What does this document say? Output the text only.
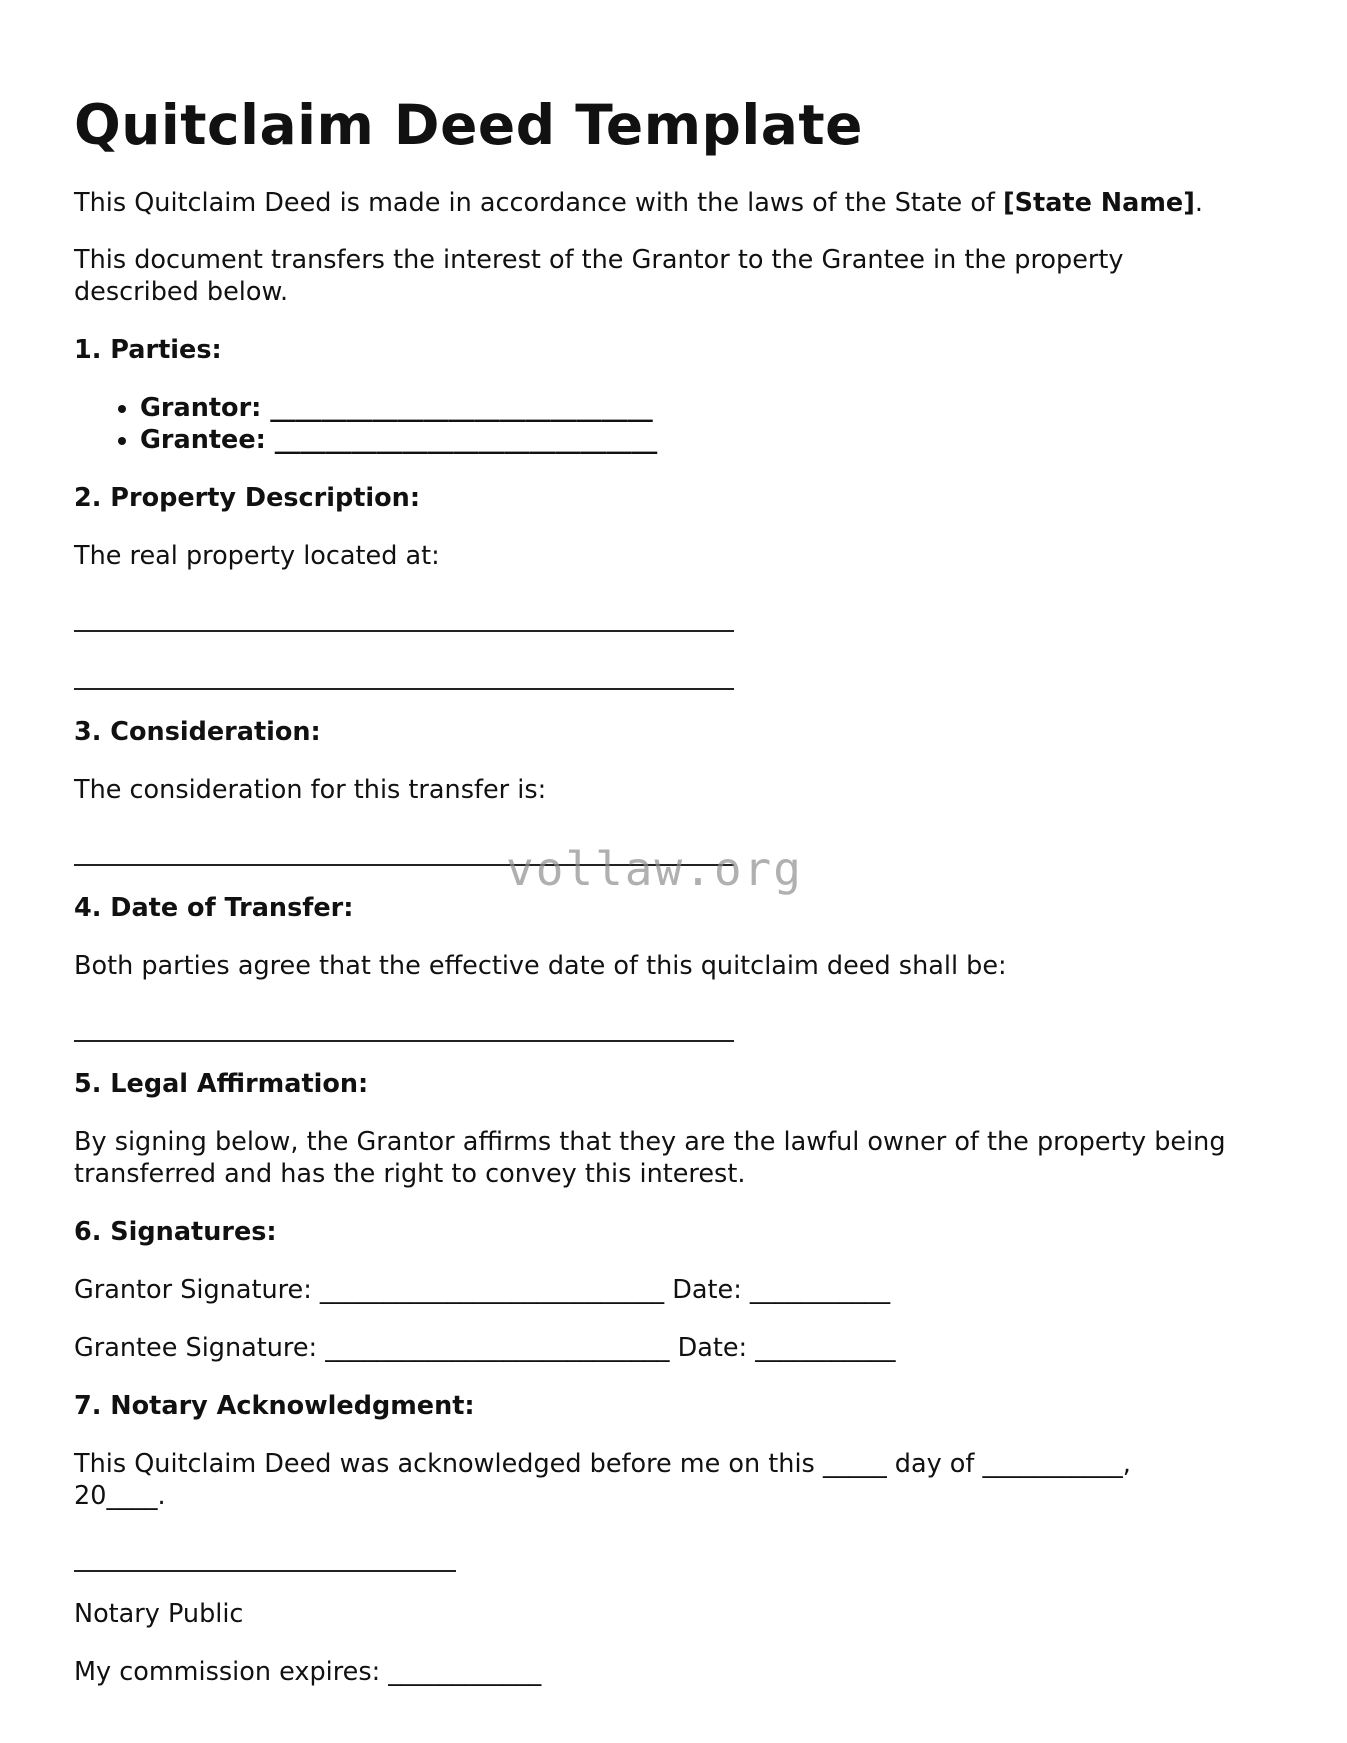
Quitclaim Deed Template

This Quitclaim Deed is made in accordance with the laws of the State of [State Name].

This document transfers the interest of the Grantor to the Grantee in the property described below.

1. Parties:
• Grantor: ______________________________
• Grantee: ______________________________
2. Property Description:

The real property located at:

3. Consideration:

The consideration for this transfer is:

4. Date of Transfer:

Both parties agree that the effective date of this quitclaim deed shall be:

5. Legal Affirmation:

By signing below, the Grantor affirms that they are the lawful owner of the property being transferred and has the right to convey this interest.

6. Signatures:
Grantor Signature: ___________________________ Date: ___________
Grantee Signature: ___________________________ Date: ___________
7. Notary Acknowledgment:

This Quitclaim Deed was acknowledged before me on this _____ day of ___________, 20____.

Notary Public

My commission expires: ____________

vollaw.org
